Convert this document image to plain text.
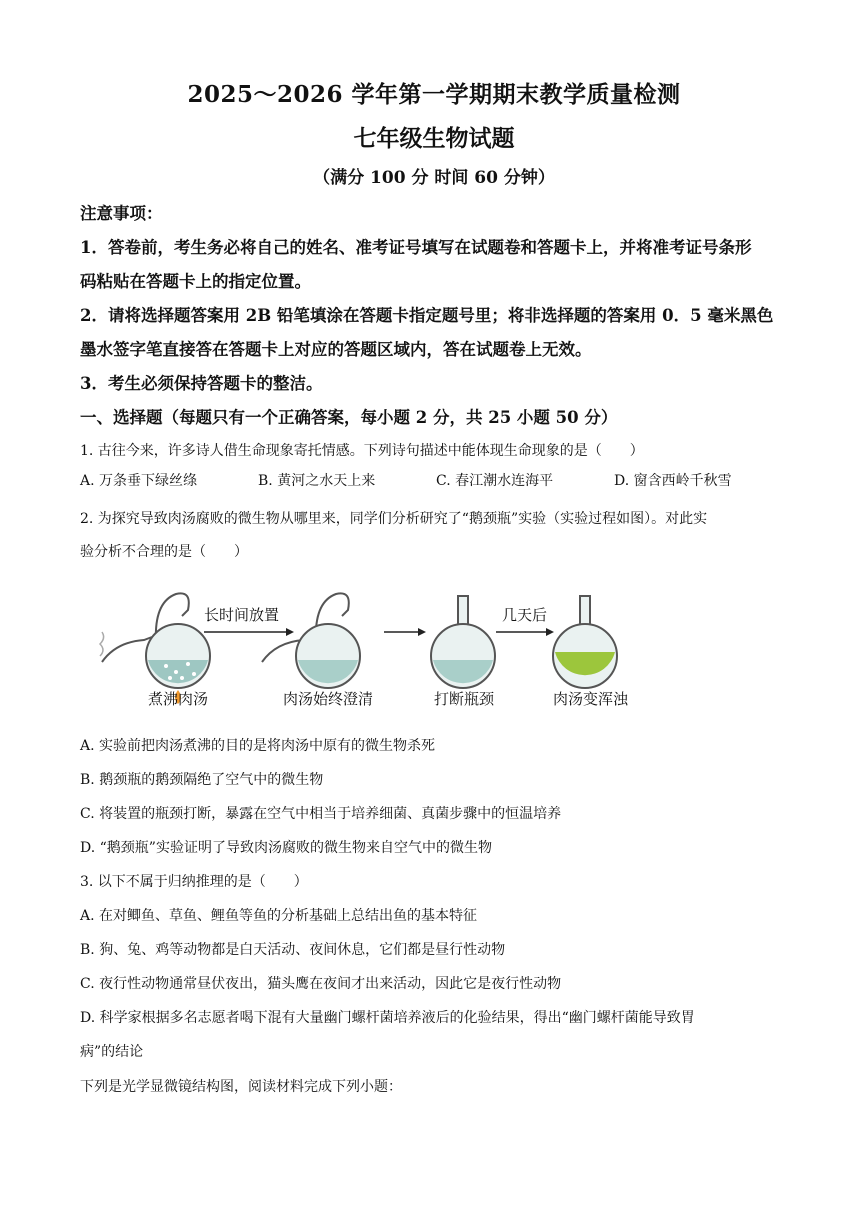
2025～2026 学年第一学期期末教学质量检测
七年级生物试题
（满分 100 分 时间 60 分钟）
注意事项：
1．答卷前，考生务必将自己的姓名、准考证号填写在试题卷和答题卡上，并将准考证号条形
码粘贴在答题卡上的指定位置。
2．请将选择题答案用 2B 铅笔填涂在答题卡指定题号里；将非选择题的答案用 0．5 毫米黑色
墨水签字笔直接答在答题卡上对应的答题区域内，答在试题卷上无效。
3．考生必须保持答题卡的整洁。
一、选择题（每题只有一个正确答案，每小题 2 分，共 25 小题 50 分）
1. 古往今来，许多诗人借生命现象寄托情感。下列诗句描述中能体现生命现象的是（　　）
A. 万条垂下绿丝绦	B. 黄河之水天上来	C. 春江潮水连海平	D. 窗含西岭千秋雪
2. 为探究导致肉汤腐败的微生物从哪里来，同学们分析研究了“鹅颈瓶”实验（实验过程如图）。对此实
验分析不合理的是（　　）
长时间放置	几天后
煮沸肉汤	肉汤始终澄清	打断瓶颈	肉汤变浑浊
A. 实验前把肉汤煮沸的目的是将肉汤中原有的微生物杀死
B. 鹅颈瓶的鹅颈隔绝了空气中的微生物
C. 将装置的瓶颈打断，暴露在空气中相当于培养细菌、真菌步骤中的恒温培养
D. “鹅颈瓶”实验证明了导致肉汤腐败的微生物来自空气中的微生物
3. 以下不属于归纳推理的是（　　）
A. 在对鲫鱼、草鱼、鲤鱼等鱼的分析基础上总结出鱼的基本特征
B. 狗、兔、鸡等动物都是白天活动、夜间休息，它们都是昼行性动物
C. 夜行性动物通常昼伏夜出，猫头鹰在夜间才出来活动，因此它是夜行性动物
D. 科学家根据多名志愿者喝下混有大量幽门螺杆菌培养液后的化验结果，得出“幽门螺杆菌能导致胃
病”的结论
下列是光学显微镜结构图，阅读材料完成下列小题：
